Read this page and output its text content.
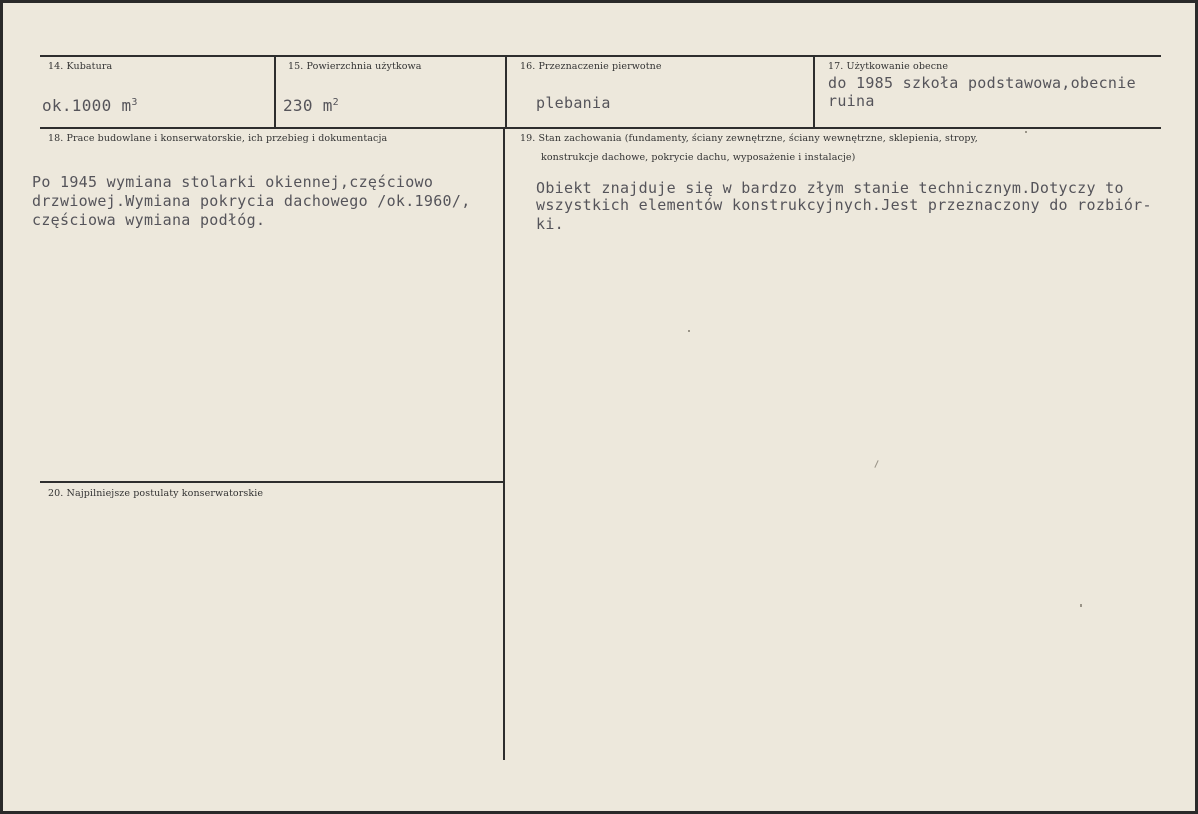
14. Kubatura
ok.1000 $m^3$
15. Powierzchnia użytkowa
230 $m^2$
16. Przeznaczenie pierwotne
plebania
17. Użytkowanie obecne
do 1985 szkoła podstawowa,obecnie
ruina
18. Prace budowlane i konserwatorskie, ich przebieg i dokumentacja
Po 1945 wymiana stolarki okiennej,częściowo
drzwiowej.Wymiana pokrycia dachowego /ok.1960/,
częściowa wymiana podłóg.
19. Stan zachowania (fundamenty, ściany zewnętrzne, ściany wewnętrzne, sklepienia, stropy,
konstrukcje dachowe, pokrycie dachu, wyposażenie i instalacje)
Obiekt znajduje się w bardzo złym stanie technicznym.Dotyczy to
wszystkich elementów konstrukcyjnych.Jest przeznaczony do rozbiór-
ki.
20. Najpilniejsze postulaty konserwatorskie
